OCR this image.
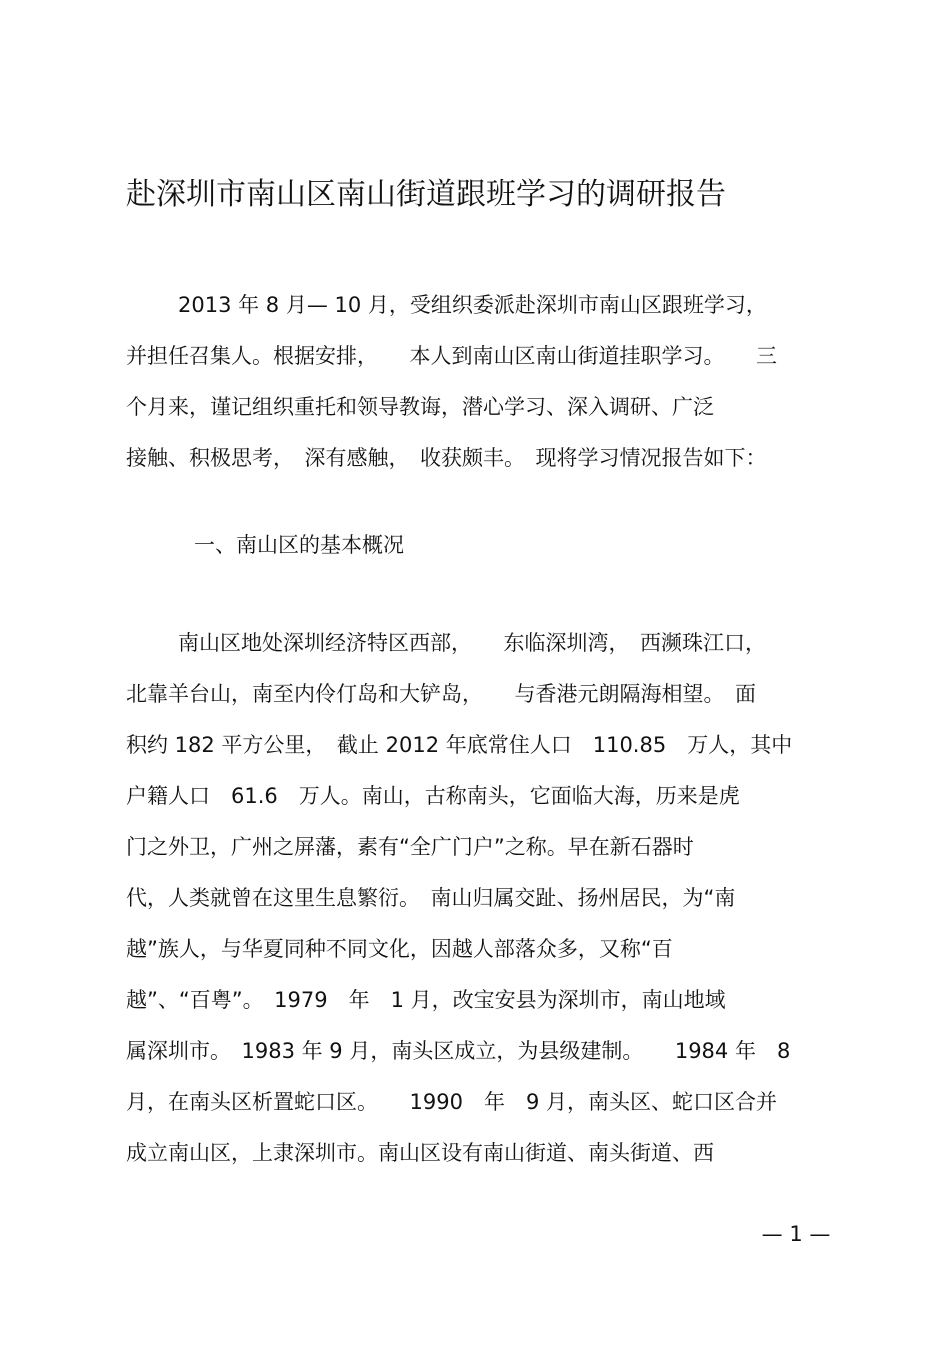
赴深圳市南山区南山街道跟班学习的调研报告
2013 年 8 月— 10 月，受组织委派赴深圳市南山区跟班学习，
并担任召集人。根据安排，　　本人到南山区南山街道挂职学习。　　三
个月来，谨记组织重托和领导教诲，潜心学习、深入调研、广泛
接触、积极思考，　深有感触，　收获颇丰。　现将学习情况报告如下：
一、南山区的基本概况
南山区地处深圳经济特区西部，　　东临深圳湾，　西濒珠江口，
北靠羊台山，南至内伶仃岛和大铲岛，　　与香港元朗隔海相望。　面
积约 182 平方公里，　截止 2012 年底常住人口　110.85　万人，其中
户籍人口　61.6　万人。南山，古称南头，它面临大海，历来是虎
门之外卫，广州之屏藩，素有“全广门户”之称。早在新石器时
代，人类就曾在这里生息繁衍。　南山归属交趾、扬州居民，为“南
越”族人，与华夏同种不同文化，因越人部落众多，又称“百
越”、“百粤”。　1979　年　1 月，改宝安县为深圳市，南山地域
属深圳市。　1983 年 9 月，南头区成立，为县级建制。　　1984 年　8
月，在南头区析置蛇口区。　　1990　年　9 月，南头区、蛇口区合并
成立南山区，上隶深圳市。南山区设有南山街道、南头街道、西
— 1 —
